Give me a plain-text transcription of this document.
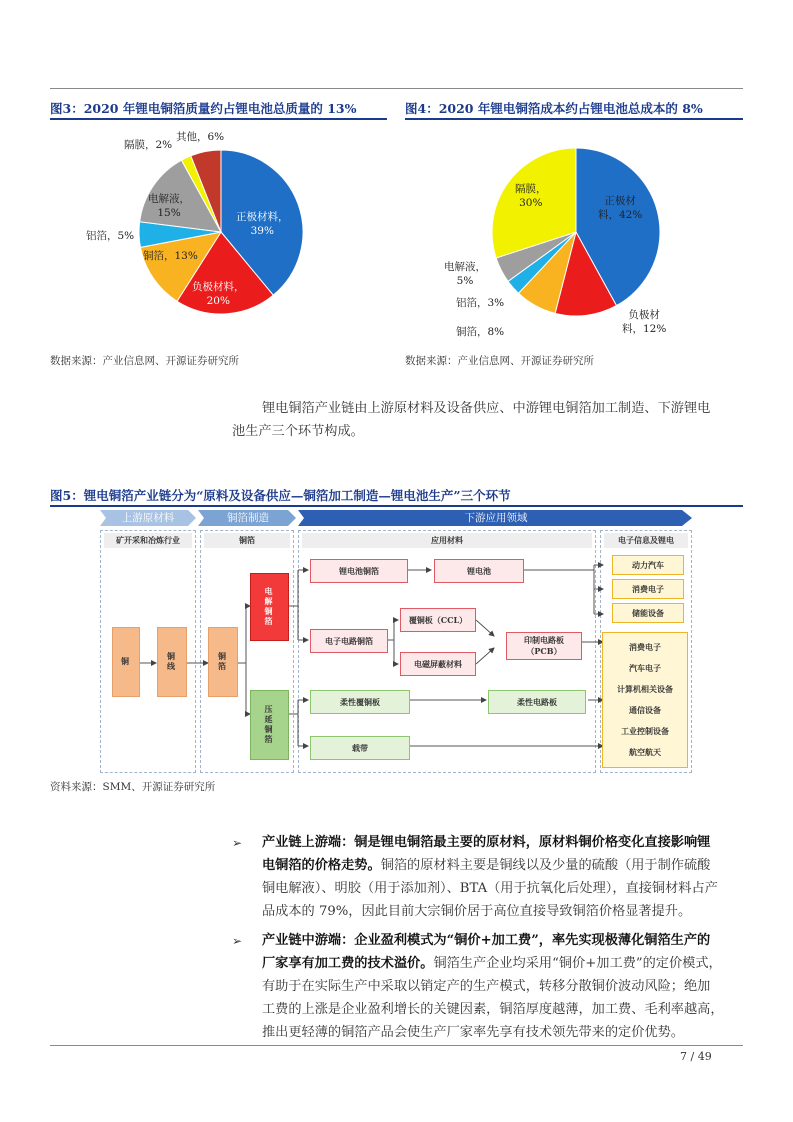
图3：2020 年锂电铜箔质量约占锂电池总质量的 13%
正极材料，
39%
负极材料，
20%
铜箔，13%
铝箔，5%
电解液，
15%
隔膜，2%
其他，6%
数据来源：产业信息网、开源证券研究所
图4：2020 年锂电铜箔成本约占锂电池总成本的 8%
正极材
料，42%
负极材
料，12%
铜箔，8%
铝箔，3%
电解液，
5%
隔膜，
30%
数据来源：产业信息网、开源证券研究所
锂电铜箔产业链由上游原材料及设备供应、中游锂电铜箔加工制造、下游锂电
池生产三个环节构成。
图5：锂电铜箔产业链分为“原料及设备供应—铜箔加工制造—锂电池生产”三个环节
上游原材料	铜箔制造	下游应用领域
矿开采和冶炼行业	铜箔	应用材料	电子信息及锂电
铜	铜线	铜箔
电解铜箔
压延铜箔
锂电池铜箔	锂电池
电子电路铜箔
覆铜板（CCL）
电磁屏蔽材料
印制电路板
（PCB）
柔性覆铜板	柔性电路板
载带
动力汽车
消费电子
储能设备
消费电子
汽车电子
计算机相关设备
通信设备
工业控制设备
航空航天
资料来源：SMM、开源证券研究所
➢ 产业链上游端：铜是锂电铜箔最主要的原材料，原材料铜价格变化直接影响锂
电铜箔的价格走势。铜箔的原材料主要是铜线以及少量的硫酸（用于制作硫酸
铜电解液）、明胶（用于添加剂）、BTA（用于抗氧化后处理），直接铜材料占产
品成本的 79%，因此目前大宗铜价居于高位直接导致铜箔价格显著提升。
➢ 产业链中游端：企业盈利模式为“铜价+加工费”，率先实现极薄化铜箔生产的
厂家享有加工费的技术溢价。铜箔生产企业均采用“铜价+加工费”的定价模式，
有助于在实际生产中采取以销定产的生产模式，转移分散铜价波动风险；绝加
工费的上涨是企业盈利增长的关键因素，铜箔厚度越薄，加工费、毛利率越高，
推出更轻薄的铜箔产品会使生产厂家率先享有技术领先带来的定价优势。
7 / 49
